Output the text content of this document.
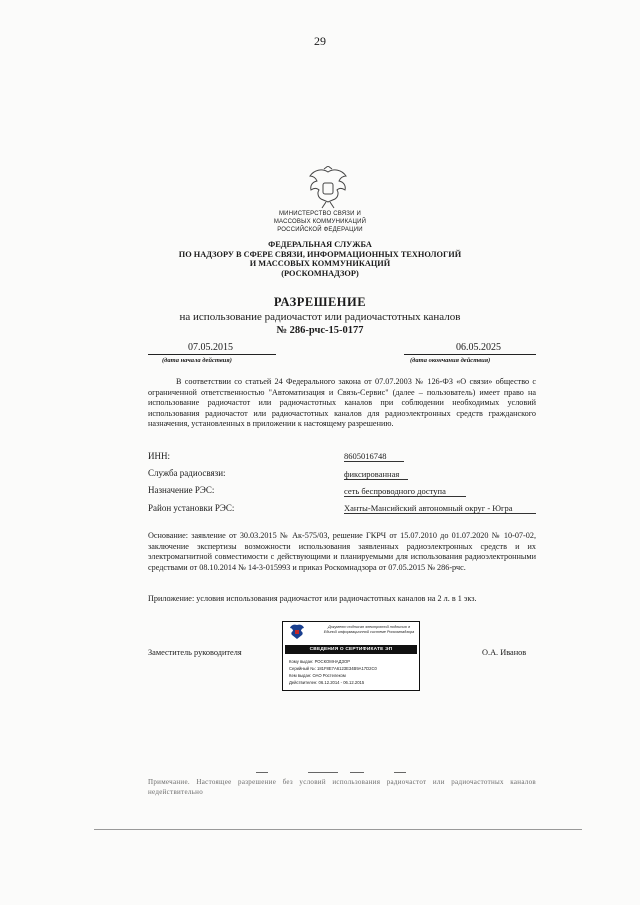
29
МИНИСТЕРСТВО СВЯЗИ И
МАССОВЫХ КОММУНИКАЦИЙ
РОССИЙСКОЙ ФЕДЕРАЦИИ
ФЕДЕРАЛЬНАЯ СЛУЖБА
ПО НАДЗОРУ В СФЕРЕ СВЯЗИ, ИНФОРМАЦИОННЫХ ТЕХНОЛОГИЙ
И МАССОВЫХ КОММУНИКАЦИЙ
(РОСКОМНАДЗОР)
РАЗРЕШЕНИЕ
на использование радиочастот или радиочастотных каналов
№ 286-рчс-15-0177
07.05.2015
(дата начала действия)
06.05.2025
(дата окончания действия)
В соответствии со статьей 24 Федерального закона от 07.07.2003 № 126-ФЗ «О связи» общество с ограниченной ответственностью "Автоматизация и Связь-Сервис" (далее – пользователь) имеет право на использование радиочастот или радиочастотных каналов при соблюдении необходимых условий использования радиочастот или радиочастотных каналов для радиоэлектронных средств гражданского назначения, установленных в приложении к настоящему разрешению.
ИНН:	8605016748
Служба радиосвязи:	фиксированная
Назначение РЭС:	сеть беспроводного доступа
Район установки РЭС:	Ханты-Мансийский автономный округ - Югра
Основание: заявление от 30.03.2015 № Ак-575/03, решение ГКРЧ от 15.07.2010 до 01.07.2020 № 10-07-02, заключение экспертизы возможности использования заявленных радиоэлектронных средств и их электромагнитной совместимости с действующими и планируемыми для использования радиоэлектронными средствами от 08.10.2014 № 14-3-015993 и приказ Роскомнадзора от 07.05.2015 № 286-рчс.
Приложение: условия использования радиочастот или радиочастотных каналов на 2 л. в 1 экз.
Заместитель руководителя
Документ подписан электронной подписью в Единой информационной системе Роскомнадзора
СВЕДЕНИЯ О СЕРТИФИКАТЕ ЭП
Кому выдан: РОСКОМНАДЗОР
Серийный №: 181F8E7A6123E34B9A17D2C0
Кем выдан: ОАО Ростелеком
Действителен: 06.12.2014 - 06.12.2015
О.А. Иванов
Примечание. Настоящее разрешение без условий использования радиочастот или радиочастотных каналов недействительно
